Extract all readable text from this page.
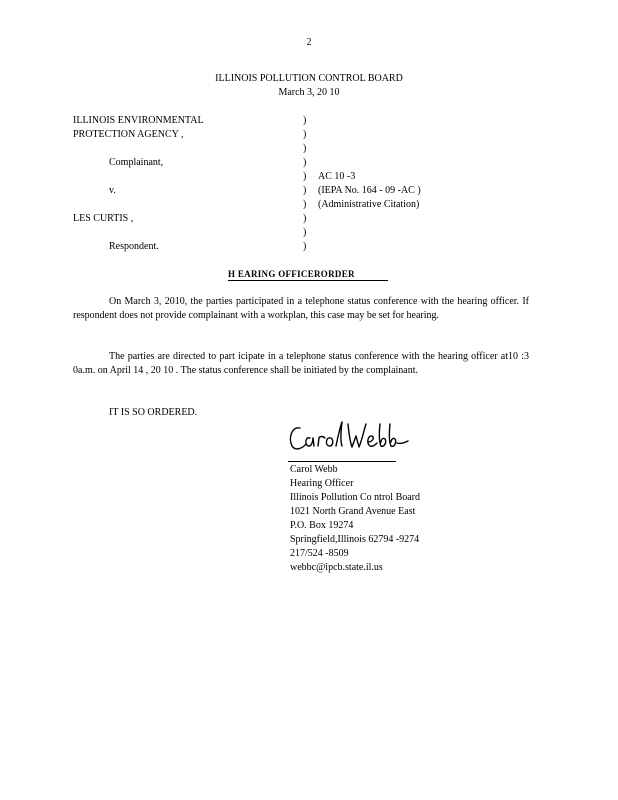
2
ILLINOIS POLLUTION CONTROL BOARD
March 3, 20 10
ILLINOIS ENVIRONMENTAL
PROTECTION AGENCY ,
Complainant,
v.
LES CURTIS ,
Respondent.
)
)
)
)
)
)
)
)
)
)
AC 10 -3
(IEPA No. 164 - 09 -AC )
(Administrative Citation)
H EARING OFFICERORDER

On March 3, 2010, the parties participated in a telephone status conference with the hearing officer. If respondent does not provide complainant with a workplan, this case may be set for hearing.

The parties are directed to part icipate in a telephone status conference with the hearing officer at10 :3 0a.m. on April 14 , 20 10 . The status conference shall be initiated by the complainant.

IT IS SO ORDERED.
Carol Webb
Hearing Officer
Illinois Pollution Co ntrol Board
1021 North Grand Avenue East
P.O. Box 19274
Springfield,Illinois 62794 -9274
217/524 -8509
webbc@ipcb.state.il.us
